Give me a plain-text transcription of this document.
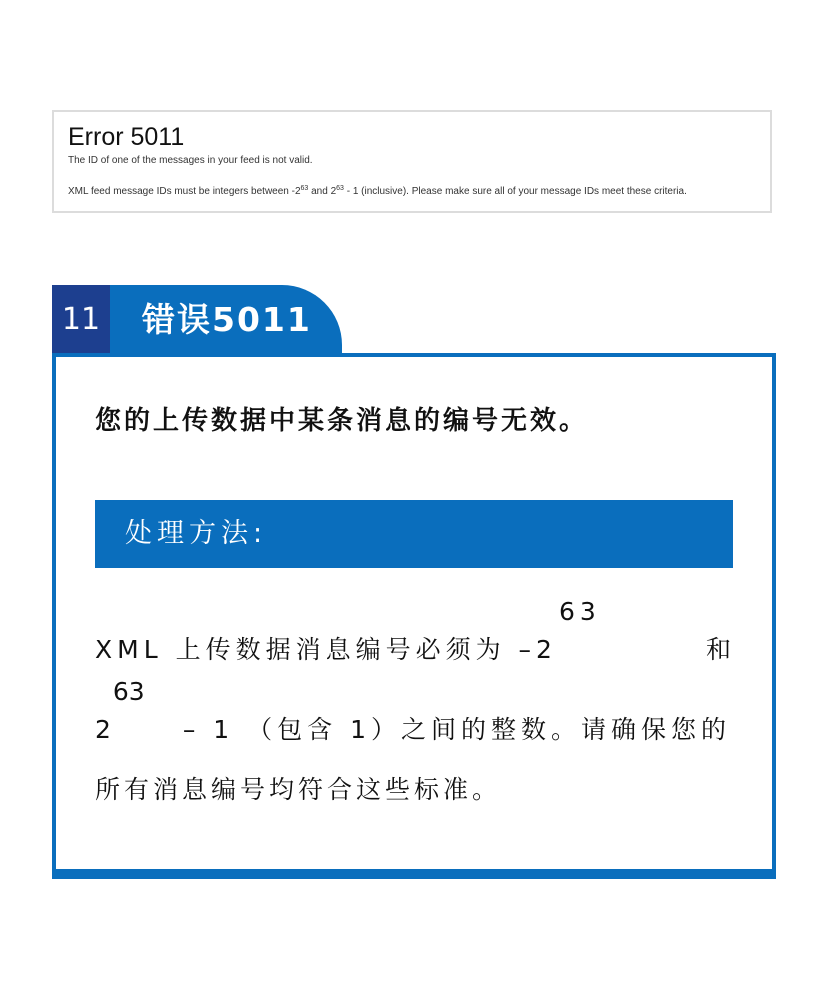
Error 5011
The ID of one of the messages in your feed is not valid.
XML feed message IDs must be integers between $-2^{63}$ and $2^{63} - 1$ (inclusive). Please make sure all of your message IDs meet these criteria.
11	错误5011
您的上传数据中某条消息的编号无效。
处理方法:
XML 上传数据消息编号必须为 –263
和
263
– 1 （包含 1）之间的整数。请确保您的
所有消息编号均符合这些标准。
